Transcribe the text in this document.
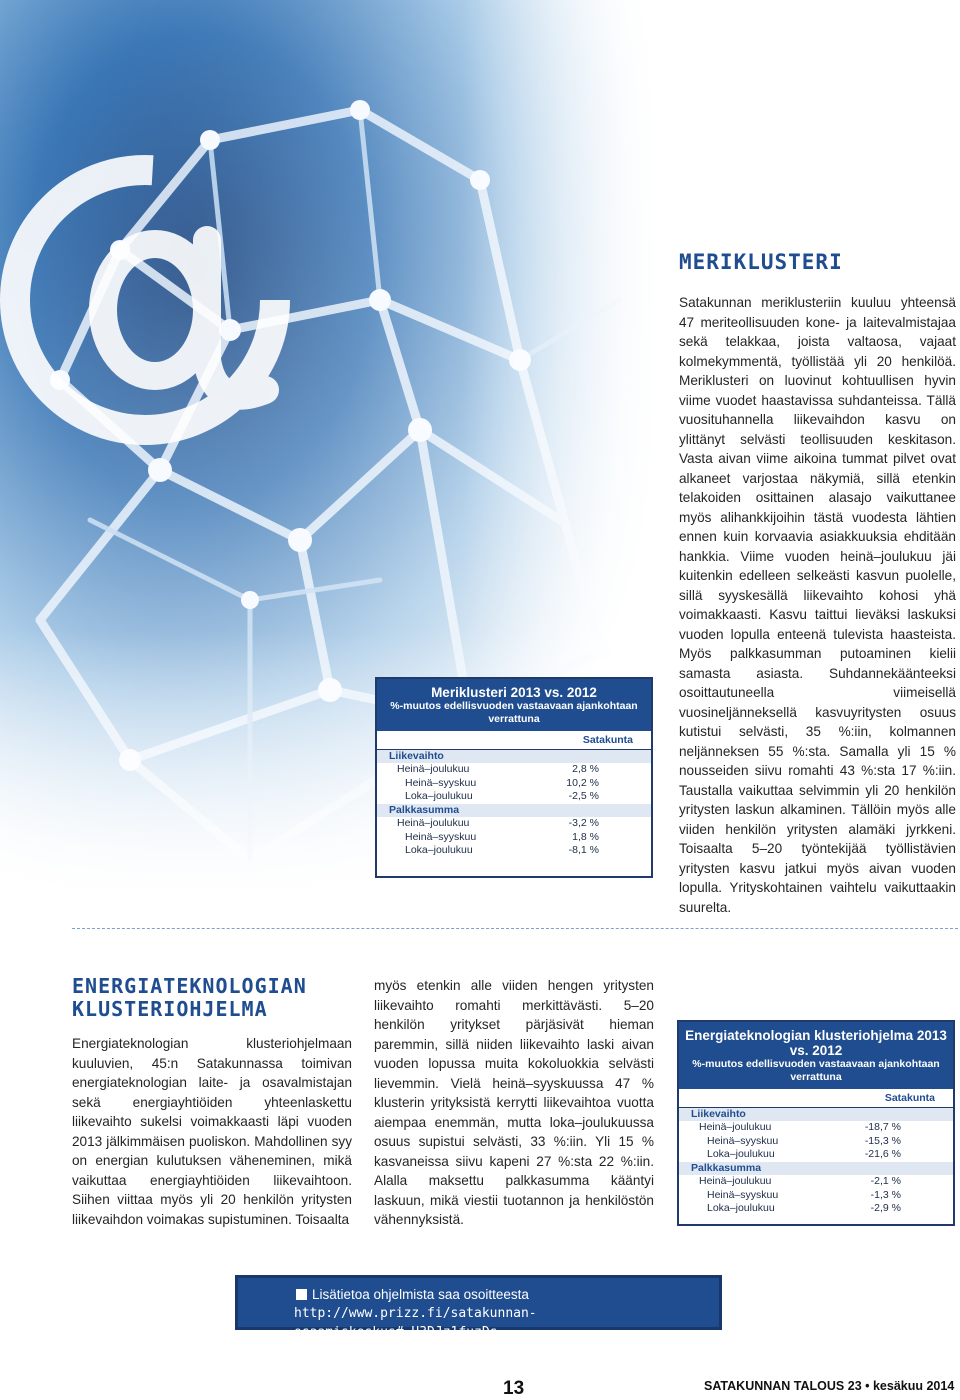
MERIKLUSTERI

Satakunnan meriklusteriin kuuluu yhteensä 47 meriteollisuuden kone- ja laitevalmistajaa sekä telakkaa, joista valtaosa, vajaat kolmekymmentä, työllistää yli 20 henkilöä. Meriklusteri on luovinut kohtuullisen hyvin viime vuodet haastavissa suhdanteissa. Tällä vuosituhannella liikevaihdon kasvu on ylittänyt selvästi teollisuuden keskitason. Vasta aivan viime aikoina tummat pilvet ovat alkaneet varjostaa näkymiä, sillä etenkin telakoiden osittainen alasajo vaikuttanee myös alihankkijoihin tästä vuodesta lähtien ennen kuin korvaavia asiakkuuksia ehditään hankkia. Viime vuoden heinä–joulukuu jäi kuitenkin edelleen selkeästi kasvun puolelle, sillä syyskesällä liikevaihto kohosi yhä voimakkaasti. Kasvu taittui lieväksi laskuksi vuoden lopulla enteenä tulevista haasteista. Myös palkkasumman putoaminen kielii samasta asiasta. Suhdannekäänteeksi osoittautuneella viimeisellä vuosineljänneksellä kasvuyritysten osuus kutistui selvästi, 35 %:iin, kolmannen neljänneksen 55 %:sta. Samalla yli 15 % nousseiden siivu romahti 43 %:sta 17 %:iin. Taustalla vaikuttaa selvimmin yli 20 henkilön yritysten laskun alkaminen. Tällöin myös alle viiden henkilön yritysten alamäki jyrkkeni. Toisaalta 5–20 työntekijää työllistävien yritysten kasvu jatkui myös aivan vuoden lopulla. Yrityskohtainen vaihtelu vaikuttaakin suurelta.

Meriklusteri 2013 vs. 2012
%-muutos edellisvuoden vastaavaan ajankohtaan verrattuna
	Satakunta
Liikevaihto	
Heinä–joulukuu	2,8 %
Heinä–syyskuu	10,2 %
Loka–joulukuu	-2,5 %
Palkkasumma	
Heinä–joulukuu	-3,2 %
Heinä–syyskuu	1,8 %
Loka–joulukuu	-8,1 %
ENERGIATEKNOLOGIAN KLUSTERIOHJELMA

Energiateknologian klusteriohjelmaan kuuluvien, 45:n Satakunnassa toimivan energiateknologian laite- ja osavalmistajan sekä energiayhtiöiden yhteenlaskettu liikevaihto sukelsi voimakkaasti läpi vuoden 2013 jälkimmäisen puoliskon. Mahdollinen syy on energian kulutuksen väheneminen, mikä vaikuttaa energiayhtiöiden liikevaihtoon. Siihen viittaa myös yli 20 henkilön yritysten liikevaihdon voimakas supistuminen. Toisaalta

myös etenkin alle viiden hengen yritysten liikevaihto romahti merkittävästi. 5–20 henkilön yritykset pärjäsivät hieman paremmin, sillä niiden liikevaihto laski aivan vuoden lopussa muita kokoluokkia selvästi lievemmin. Vielä heinä–syyskuussa 47 % klusterin yrityksistä kerrytti liikevaihtoa vuotta aiempaa enemmän, mutta loka–joulukuussa osuus supistui selvästi, 33 %:iin. Yli 15 % kasvaneissa siivu kapeni 27 %:sta 22 %:iin. Alalla maksettu palkkasumma kääntyi laskuun, mikä viestii tuotannon ja henkilöstön vähennyksistä.

Energiateknologian klusteriohjelma 2013 vs. 2012
%-muutos edellisvuoden vastaavaan ajankohtaan verrattuna
	Satakunta
Liikevaihto	
Heinä–joulukuu	-18,7 %
Heinä–syyskuu	-15,3 %
Loka–joulukuu	-21,6 %
Palkkasumma	
Heinä–joulukuu	-2,1 %
Heinä–syyskuu	-1,3 %
Loka–joulukuu	-2,9 %
Lisätietoa ohjelmista saa osoitteesta
http://www.prizz.fi/satakunnan-osaamiskeskus#.U3DJz1fuzDs
13	SATAKUNNAN TALOUS 23 • kesäkuu 2014
